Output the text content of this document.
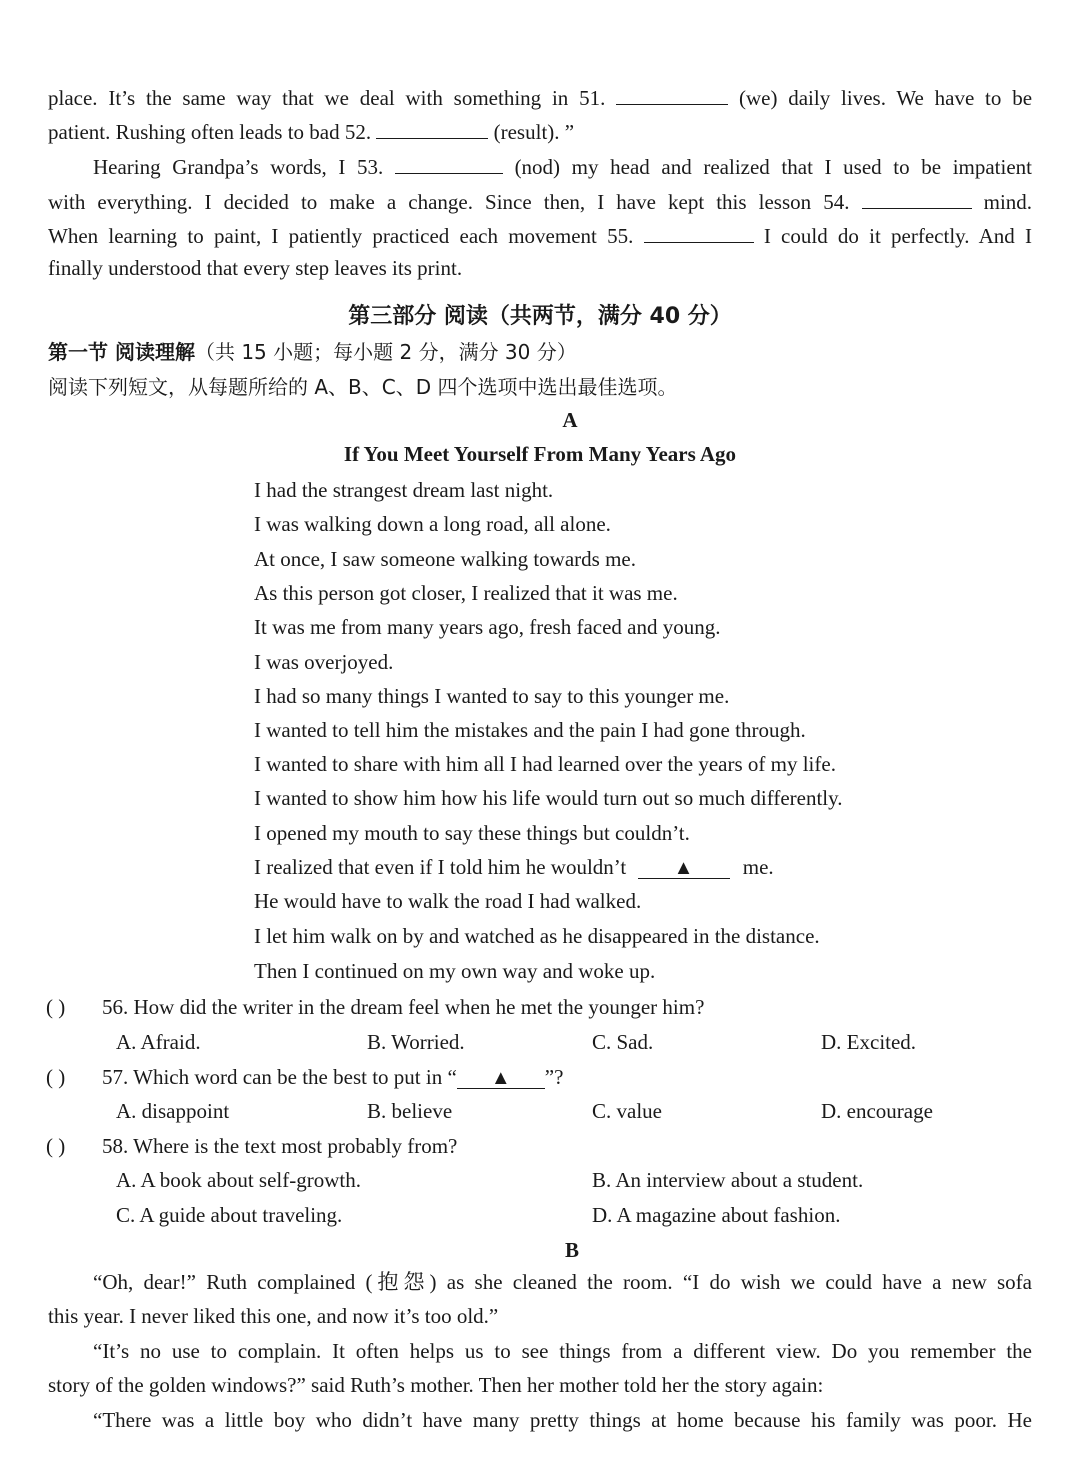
place. It’s the same way that we deal with something in 51.	(we) daily lives. We have to be
patient. Rushing often leads to bad 52.	(result). ”
Hearing Grandpa’s words, I 53.	(nod) my head and realized that I used to be impatient
with everything. I decided to make a change. Since then, I have kept this lesson 54.	mind.
When learning to paint, I patiently practiced each movement 55.	I could do it perfectly. And I
finally understood that every step leaves its print.
第三部分 阅读（共两节，满分 40 分）
第一节 阅读理解（共 15 小题；每小题 2 分，满分 30 分）
阅读下列短文，从每题所给的 A、B、C、D 四个选项中选出最佳选项。
A
If You Meet Yourself From Many Years Ago
I had the strangest dream last night.
I was walking down a long road, all alone.
At once, I saw someone walking towards me.
As this person got closer, I realized that it was me.
It was me from many years ago, fresh faced and young.
I was overjoyed.
I had so many things I wanted to say to this younger me.
I wanted to tell him the mistakes and the pain I had gone through.
I wanted to share with him all I had learned over the years of my life.
I wanted to show him how his life would turn out so much differently.
I opened my mouth to say these things but couldn’t.
I realized that even if I told him he wouldn’t ▲ me.
He would have to walk the road I had walked.
I let him walk on by and watched as he disappeared in the distance.
Then I continued on my own way and woke up.
( ) 56. How did the writer in the dream feel when he met the younger him?
A. Afraid.	B. Worried.	C. Sad.	D. Excited.
( ) 57. Which word can be the best to put in “ ▲ ”?
A. disappoint	B. believe	C. value	D. encourage
( ) 58. Where is the text most probably from?
A. A book about self-growth.	B. An interview about a student.
C. A guide about traveling.	D. A magazine about fashion.
B
“Oh, dear!” Ruth complained (抱怨) as she cleaned the room. “I do wish we could have a new sofa
this year. I never liked this one, and now it’s too old.”
“It’s no use to complain. It often helps us to see things from a different view. Do you remember the
story of the golden windows?” said Ruth’s mother. Then her mother told her the story again:
“There was a little boy who didn’t have many pretty things at home because his family was poor. He
